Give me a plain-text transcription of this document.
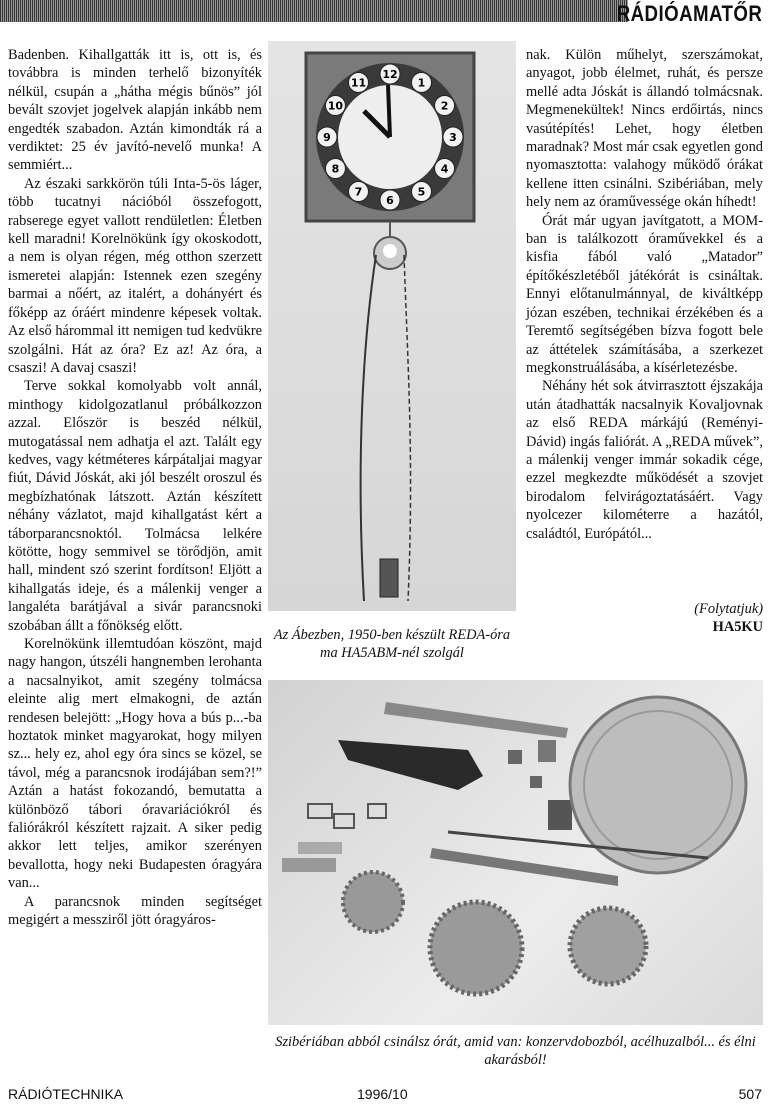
RÁDIÓAMATŐR

Badenben. Kihallgatták itt is, ott is, és továbbra is minden terhelő bizonyíték nélkül, csupán a „hátha mégis bűnös” jól bevált szovjet jogelvek alapján inkább nem engedték szabadon. Aztán kimondták rá a verdiktet: 25 év javító-nevelő munka! A semmiért...

Az északi sarkkörön túli Inta-5-ös láger, több tucatnyi nációból összefogott, rabserege egyet vallott rendületlen: Életben kell maradni! Korelnökünk így okoskodott, a nem is olyan régen, még otthon szerzett ismeretei alapján: Istennek ezen szegény barmai a nőért, az italért, a dohányért és főképp az óráért mindenre képesek voltak. Az első hárommal itt nemigen tud kedvükre szolgálni. Hát az óra? Ez az! Az óra, a csaszi! A davaj csaszi!

Terve sokkal komolyabb volt annál, minthogy kidolgozatlanul próbálkozzon azzal. Először is beszéd nélkül, mutogatással nem adhatja el azt. Talált egy kedves, vagy kétméteres kárpátaljai magyar fiút, Dávid Jóskát, aki jól beszélt oroszul és megbízhatónak látszott. Aztán készített néhány vázlatot, majd kihallgatást kért a táborparancsnoktól. Tolmácsa lelkére kötötte, hogy semmivel se törődjön, amit hall, mindent szó szerint fordítson! Eljött a kihallgatás ideje, és a málenkij venger a langaléta barátjával a sivár parancsnoki szobában állt a főnökség előtt.

Korelnökünk illemtudóan köszönt, majd nagy hangon, útszéli hangnemben lerohanta a nacsalnyikot, amit szegény tolmácsa eleinte alig mert elmakogni, de aztán rendesen belejött: „Hogy hova a bús p...-ba hoztatok minket magyarokat, hogy milyen sz... hely ez, ahol egy óra sincs se közel, se távol, még a parancsnok irodájában sem?!” Aztán a hatást fokozandó, bemutatta a különböző tábori óravariációkról és faliórákról készített rajzait. A siker pedig akkor lett teljes, amikor szerényen bevallotta, hogy neki Budapesten óragyára van...

A parancsnok minden segítséget megigért a messziről jött óragyáros-

12
1
2
3
4
5
6
7
8
9
10
11
Az Ábezben, 1950-ben készült REDA-óra ma HA5ABM-nél szolgál

nak. Külön műhelyt, szerszámokat, anyagot, jobb élelmet, ruhát, és persze mellé adta Jóskát is állandó tolmácsnak. Megmenekültek! Nincs erdőirtás, nincs vasútépítés! Lehet, hogy életben maradnak? Most már csak egyetlen gond nyomasztotta: valahogy működő órákat kellene itten csinálni. Szibériában, mely hely nem az óraművessége okán híhedt!

Órát már ugyan javítgatott, a MOM-ban is találkozott óraművekkel és a kisfia fából való „Matador” építőkészletéből játékórát is csináltak. Ennyi előtanulmánnyal, de kiváltképp józan eszében, technikai érzékében és a Teremtő segítségében bízva fogott bele az áttételek számításába, a szerkezet megkonstruálásába, a kísérletezésbe.

Néhány hét sok átvirrasztott éjszakája után átadhatták nacsalnyik Kovaljovnak az első REDA márkájú (Reményi-Dávid) ingás faliórát. A „REDA művek”, a málenkij venger immár sokadik cége, ezzel megkezdte működését a szovjet birodalom felvirágoztatásáért. Vagy nyolcezer kilométerre a hazától, családtól, Európától...

(Folytatjuk)
HA5KU
Szibériában abból csinálsz órát, amid van: konzervdobozból, acélhuzalból... és élni akarásból!
RÁDIÓTECHNIKA	1996/10	507
